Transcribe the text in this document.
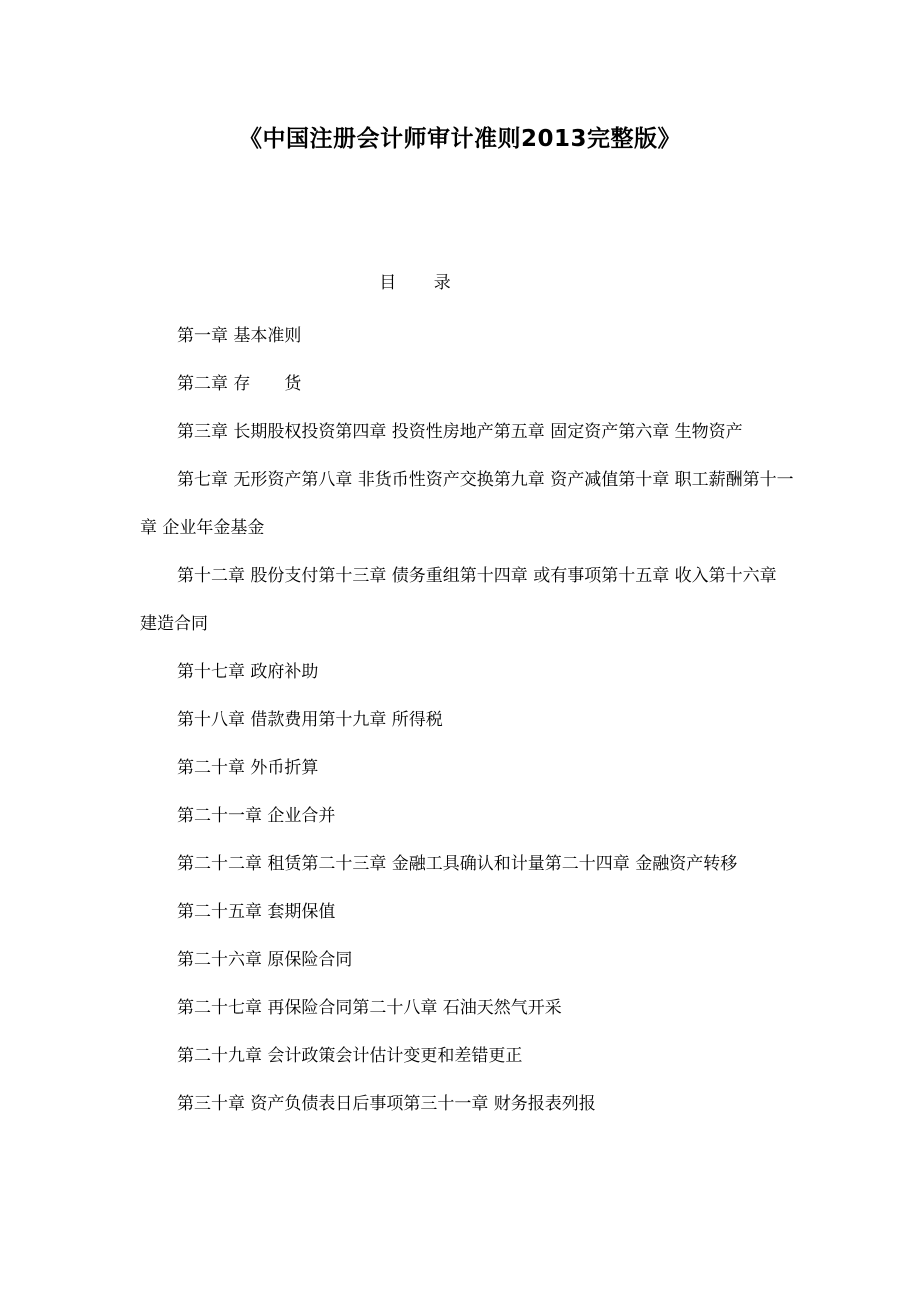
《中国注册会计师审计准则2013完整版》
目 录

第一章 基本准则

第二章 存　　货

第三章 长期股权投资第四章 投资性房地产第五章 固定资产第六章 生物资产

第七章 无形资产第八章 非货币性资产交换第九章 资产减值第十章 职工薪酬第十一章 企业年金基金

第十二章 股份支付第十三章 债务重组第十四章 或有事项第十五章 收入第十六章 建造合同

第十七章 政府补助

第十八章 借款费用第十九章 所得税

第二十章 外币折算

第二十一章 企业合并

第二十二章 租赁第二十三章 金融工具确认和计量第二十四章 金融资产转移

第二十五章 套期保值

第二十六章 原保险合同

第二十七章 再保险合同第二十八章 石油天然气开采

第二十九章 会计政策会计估计变更和差错更正

第三十章 资产负债表日后事项第三十一章 财务报表列报
